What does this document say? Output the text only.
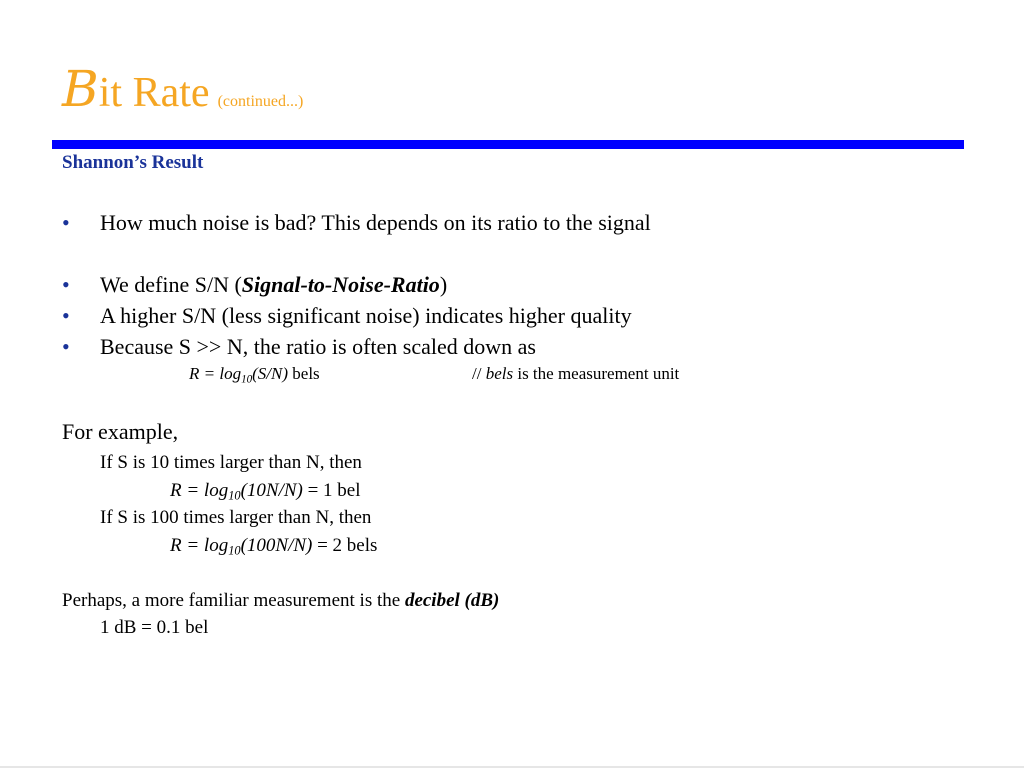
Bit Rate (continued...)
Shannon’s Result
• How much noise is bad? This depends on its ratio to the signal
• We define S/N (Signal-to-Noise-Ratio)
• A higher S/N (less significant noise) indicates higher quality
• Because S >> N, the ratio is often scaled down as
$R = \log_{10}(S/N)$ bels	// bels is the measurement unit
For example,
If S is 10 times larger than N, then
$R = \log_{10}(10N/N) = 1$ bel
If S is 100 times larger than N, then
$R = \log_{10}(100N/N) = 2$ bels
Perhaps, a more familiar measurement is the decibel (dB)
1 dB = 0.1 bel
